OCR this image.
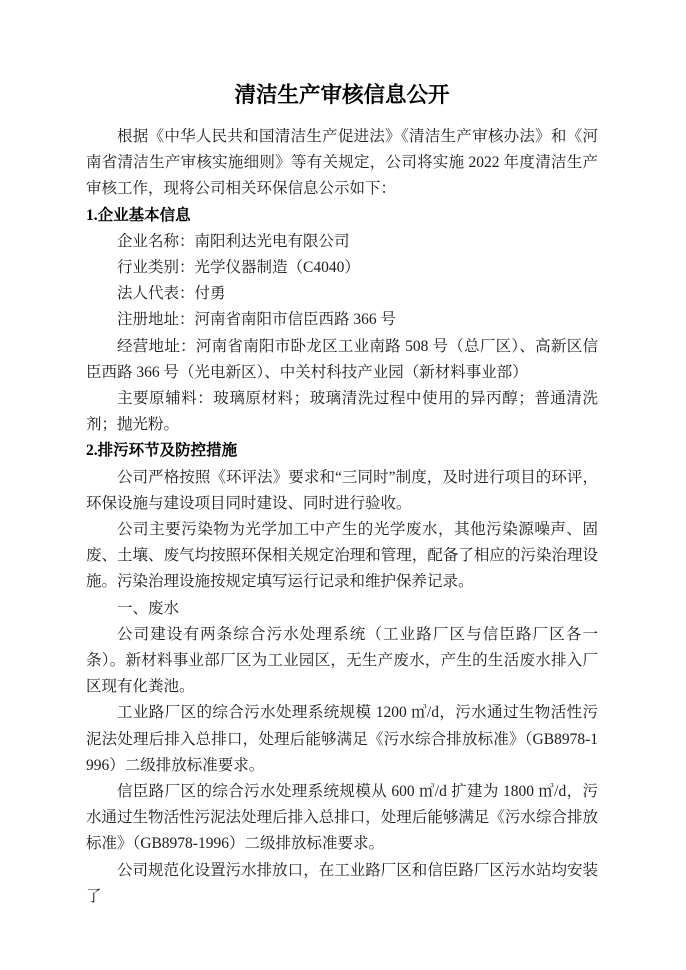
清洁生产审核信息公开

根据《中华人民共和国清洁生产促进法》《清洁生产审核办法》和《河南省清洁生产审核实施细则》等有关规定，公司将实施 2022 年度清洁生产审核工作，现将公司相关环保信息公示如下：

1.企业基本信息

企业名称：南阳利达光电有限公司

行业类别：光学仪器制造（C4040）

法人代表：付勇

注册地址：河南省南阳市信臣西路 366 号

经营地址：河南省南阳市卧龙区工业南路 508 号（总厂区）、高新区信臣西路 366 号（光电新区）、中关村科技产业园（新材料事业部）

主要原辅料：玻璃原材料；玻璃清洗过程中使用的异丙醇；普通清洗剂；抛光粉。

2.排污环节及防控措施

公司严格按照《环评法》要求和“三同时”制度，及时进行项目的环评，环保设施与建设项目同时建设、同时进行验收。

公司主要污染物为光学加工中产生的光学废水，其他污染源噪声、固废、土壤、废气均按照环保相关规定治理和管理，配备了相应的污染治理设施。污染治理设施按规定填写运行记录和维护保养记录。

一、废水

公司建设有两条综合污水处理系统（工业路厂区与信臣路厂区各一条）。新材料事业部厂区为工业园区，无生产废水，产生的生活废水排入厂区现有化粪池。

工业路厂区的综合污水处理系统规模 1200 ㎥/d，污水通过生物活性污泥法处理后排入总排口，处理后能够满足《污水综合排放标准》（GB8978-1996）二级排放标准要求。

信臣路厂区的综合污水处理系统规模从 600 ㎥/d 扩建为 1800 ㎥/d，污水通过生物活性污泥法处理后排入总排口，处理后能够满足《污水综合排放标准》（GB8978-1996）二级排放标准要求。

公司规范化设置污水排放口，在工业路厂区和信臣路厂区污水站均安装了
